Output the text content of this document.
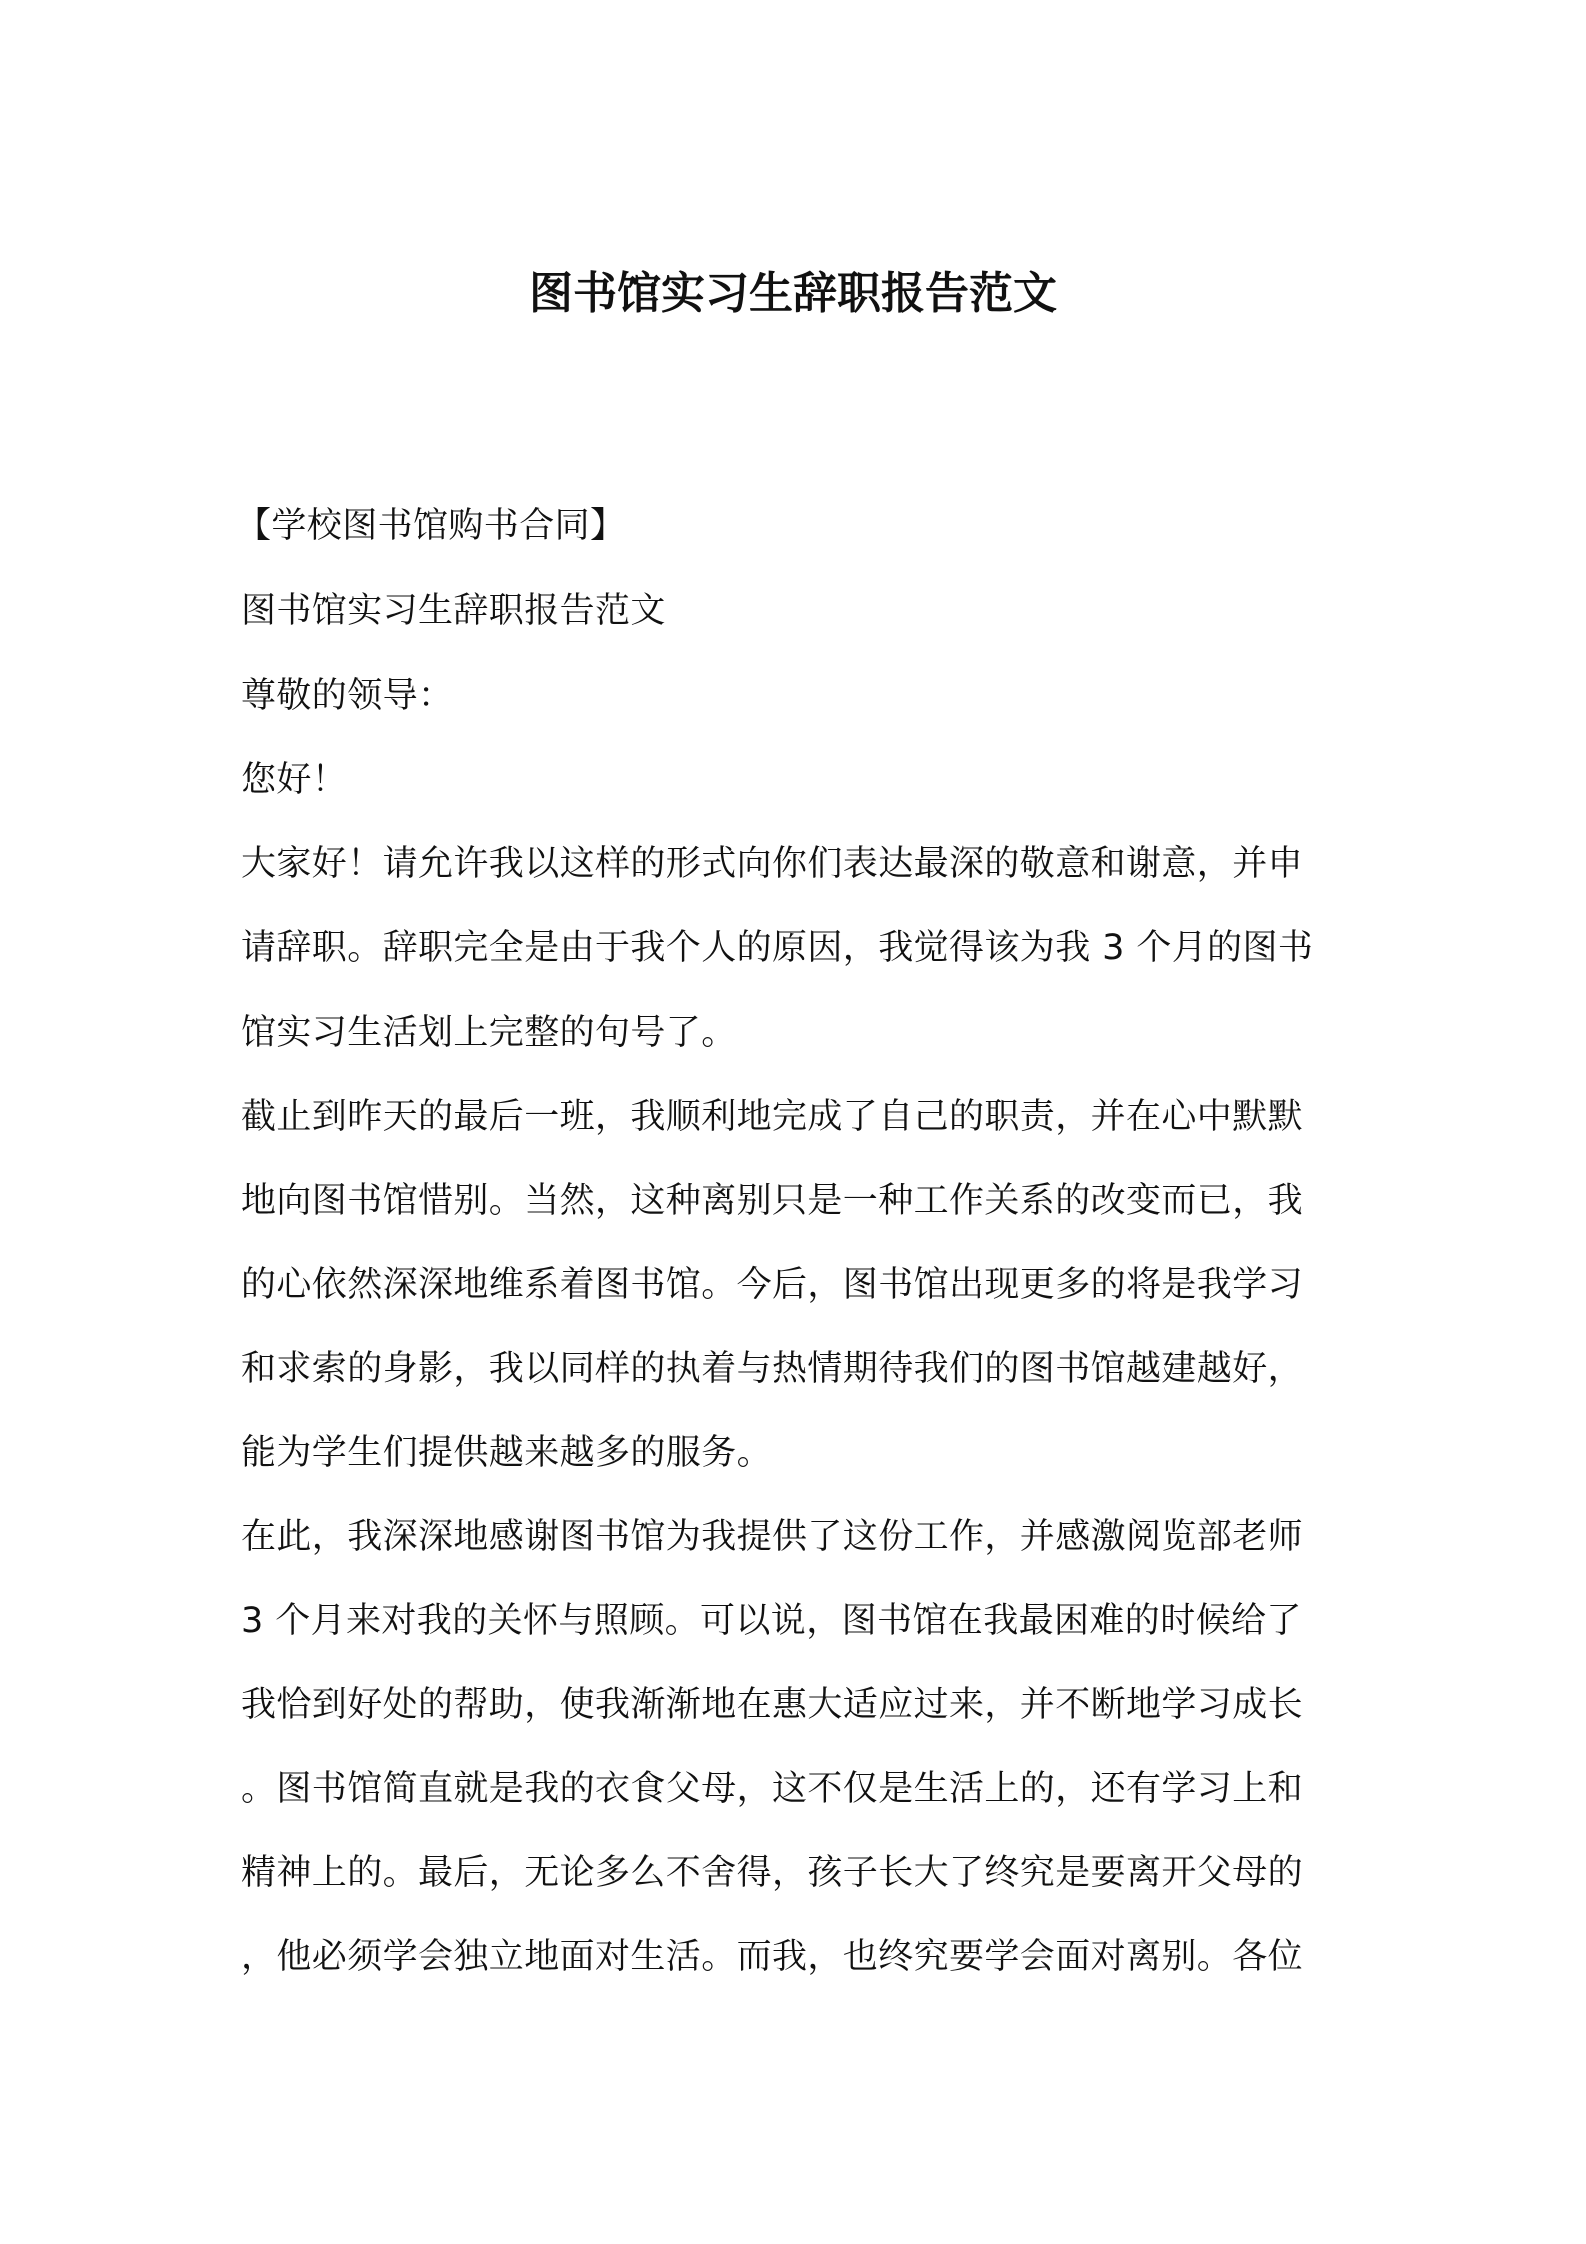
图书馆实习生辞职报告范文

【学校图书馆购书合同】

图书馆实习生辞职报告范文

尊敬的领导：

您好！

大家好！请允许我以这样的形式向你们表达最深的敬意和谢意，并申

请辞职。辞职完全是由于我个人的原因，我觉得该为我 3 个月的图书

馆实习生活划上完整的句号了。

截止到昨天的最后一班，我顺利地完成了自己的职责，并在心中默默

地向图书馆惜别。当然，这种离别只是一种工作关系的改变而已，我

的心依然深深地维系着图书馆。今后，图书馆出现更多的将是我学习

和求索的身影，我以同样的执着与热情期待我们的图书馆越建越好，

能为学生们提供越来越多的服务。

在此，我深深地感谢图书馆为我提供了这份工作，并感激阅览部老师

3 个月来对我的关怀与照顾。可以说，图书馆在我最困难的时候给了

我恰到好处的帮助，使我渐渐地在惠大适应过来，并不断地学习成长

。图书馆简直就是我的衣食父母，这不仅是生活上的，还有学习上和

精神上的。最后，无论多么不舍得，孩子长大了终究是要离开父母的

，他必须学会独立地面对生活。而我，也终究要学会面对离别。各位
